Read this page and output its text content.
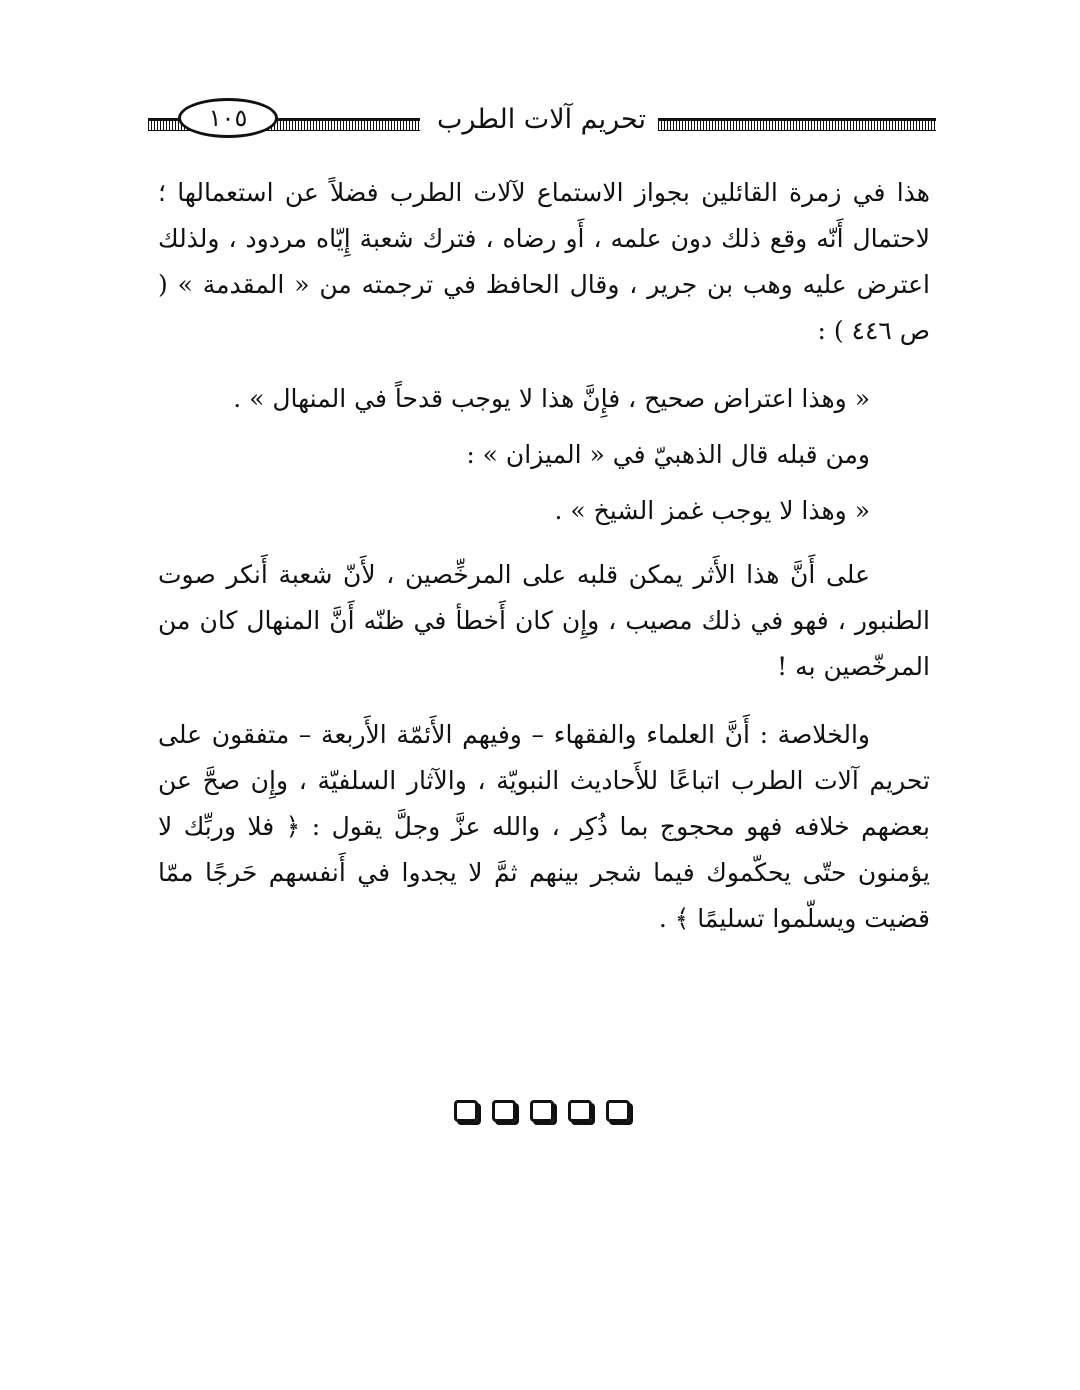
تحريم آلات الطرب
١٠٥

هذا في زمرة القائلين بجواز الاستماع لآلات الطرب فضلاً عن استعمالها ؛ لاحتمال أَنّه وقع ذلك دون علمه ، أَو رضاه ، فترك شعبة إِيّاه مردود ، ولذلك اعترض عليه وهب بن جرير ، وقال الحافظ في ترجمته من « المقدمة » ( ص ٤٤٦ ) :

« وهذا اعتراض صحيح ، فإِنَّ هذا لا يوجب قدحاً في المنهال » .

ومن قبله قال الذهبيّ في « الميزان » :

« وهذا لا يوجب غمز الشيخ » .

على أَنَّ هذا الأَثر يمكن قلبه على المرخِّصين ، لأَنّ شعبة أَنكر صوت الطنبور ، فهو في ذلك مصيب ، وإِن كان أَخطأ في ظنّه أَنَّ المنهال كان من المرخّصين به !

والخلاصة : أَنَّ العلماء والفقهاء – وفيهم الأَئمّة الأَربعة – متفقون على تحريم آلات الطرب اتباعًا للأَحاديث النبويّة ، والآثار السلفيّة ، وإِن صحَّ عن بعضهم خلافه فهو محجوج بما ذُكِر ، والله عزَّ وجلَّ يقول : ﴿ فلا وربِّك لا يؤمنون حتّى يحكّموك فيما شجر بينهم ثمَّ لا يجدوا في أَنفسهم حَرجًا ممّا قضيت ويسلّموا تسليمًا ﴾ .
